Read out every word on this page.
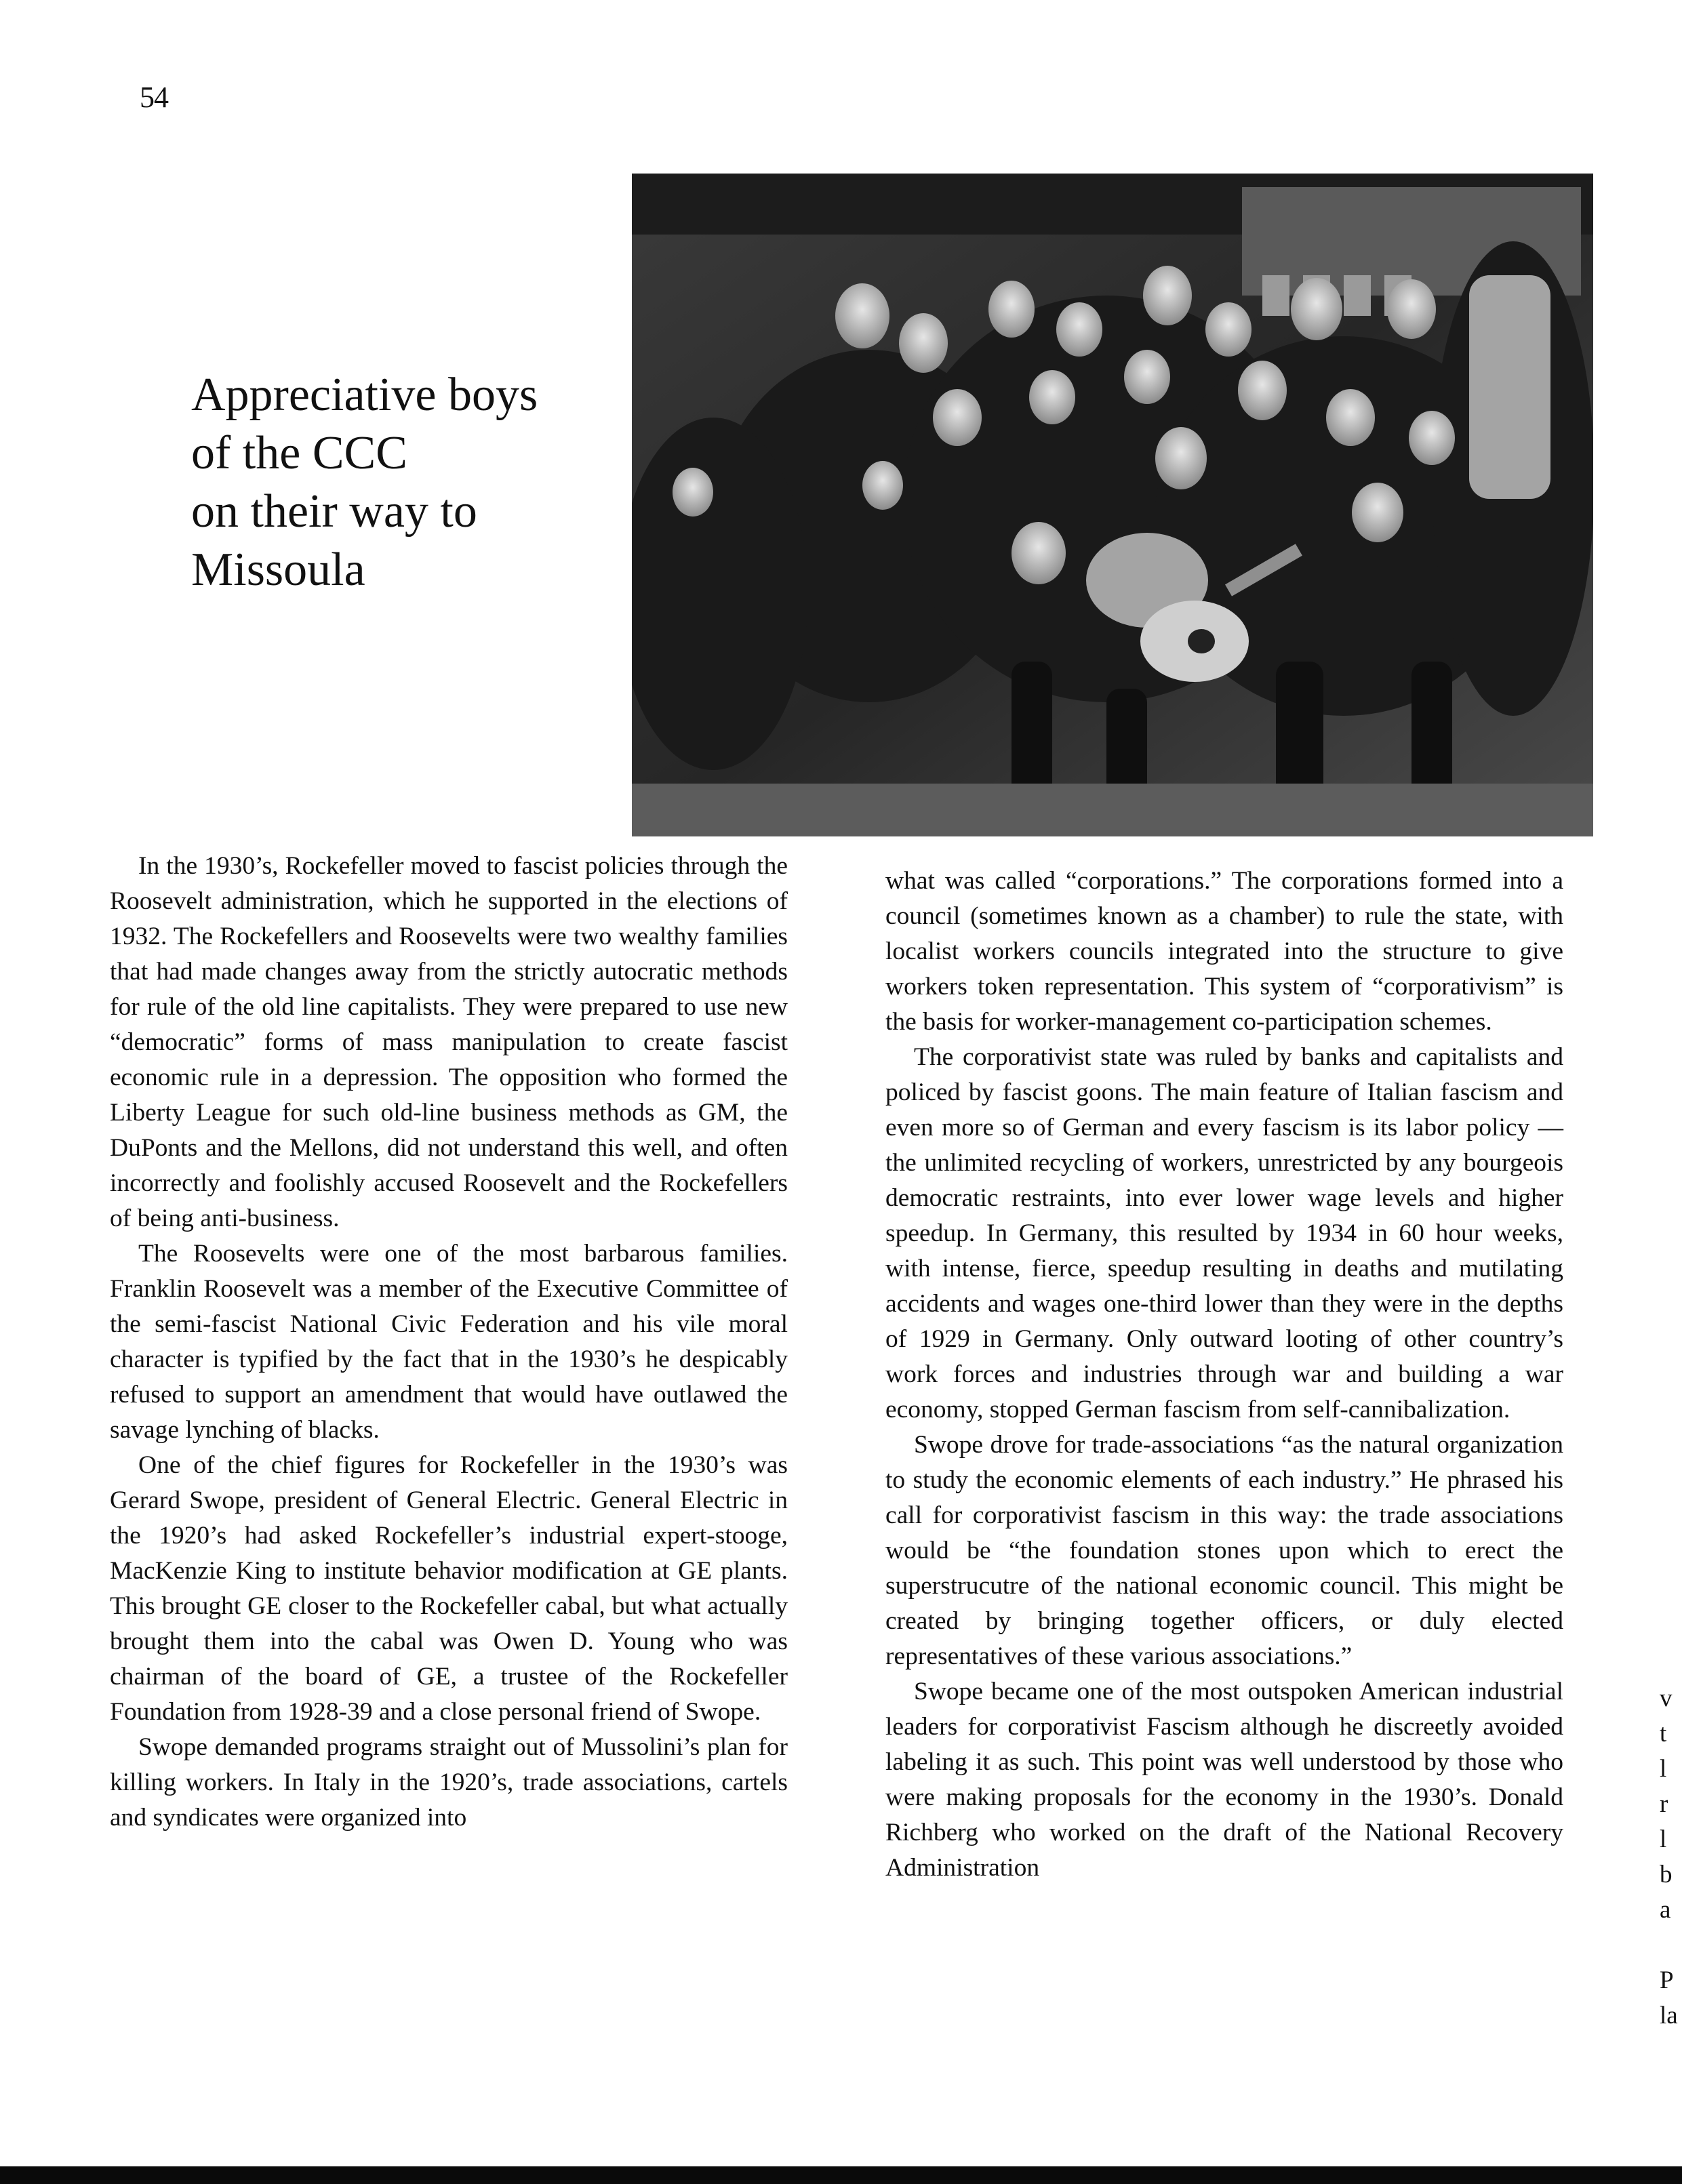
54
Appreciative boys
of the CCC
on their way to
Missoula

In the 1930’s, Rockefeller moved to fascist policies through the Roosevelt administration, which he supported in the elections of 1932. The Rockefellers and Roosevelts were two wealthy families that had made changes away from the strictly autocratic methods for rule of the old line capitalists. They were prepared to use new “democratic” forms of mass manipulation to create fascist economic rule in a depression. The opposition who formed the Liberty League for such old-line business methods as GM, the DuPonts and the Mellons, did not understand this well, and often incorrectly and foolishly accused Roosevelt and the Rockefellers of being anti-business.

The Roosevelts were one of the most barbarous families. Franklin Roosevelt was a member of the Executive Committee of the semi-fascist National Civic Federation and his vile moral character is typified by the fact that in the 1930’s he despicably refused to support an amendment that would have outlawed the savage lynching of blacks.

One of the chief figures for Rockefeller in the 1930’s was Gerard Swope, president of General Electric. General Electric in the 1920’s had asked Rockefeller’s industrial expert-stooge, MacKenzie King to institute behavior modification at GE plants. This brought GE closer to the Rockefeller cabal, but what actually brought them into the cabal was Owen D. Young who was chairman of the board of GE, a trustee of the Rockefeller Foundation from 1928-39 and a close personal friend of Swope.

Swope demanded programs straight out of Mussolini’s plan for killing workers. In Italy in the 1920’s, trade associations, cartels and syndicates were organized into

what was called “corporations.” The corporations formed into a council (sometimes known as a chamber) to rule the state, with localist workers councils integrated into the structure to give workers token representation. This system of “corporativism” is the basis for worker-management co-participation schemes.

The corporativist state was ruled by banks and capitalists and policed by fascist goons. The main feature of Italian fascism and even more so of German and every fascism is its labor policy — the unlimited recycling of workers, unrestricted by any bourgeois democratic restraints, into ever lower wage levels and higher speedup. In Germany, this resulted by 1934 in 60 hour weeks, with intense, fierce, speedup resulting in deaths and mutilating accidents and wages one-third lower than they were in the depths of 1929 in Germany. Only outward looting of other country’s work forces and industries through war and building a war economy, stopped German fascism from self-cannibalization.

Swope drove for trade-associations “as the natural organization to study the economic elements of each industry.” He phrased his call for corporativist fascism in this way: the trade associations would be “the foundation stones upon which to erect the superstrucutre of the national economic council. This might be created by bringing together officers, or duly elected representatives of these various associations.”

Swope became one of the most outspoken American industrial leaders for corporativist Fascism although he discreetly avoided labeling it as such. This point was well understood by those who were making proposals for the economy in the 1930’s. Donald Richberg who worked on the draft of the National Recovery Administration

v
t
l
r
l
b
a

P
la
